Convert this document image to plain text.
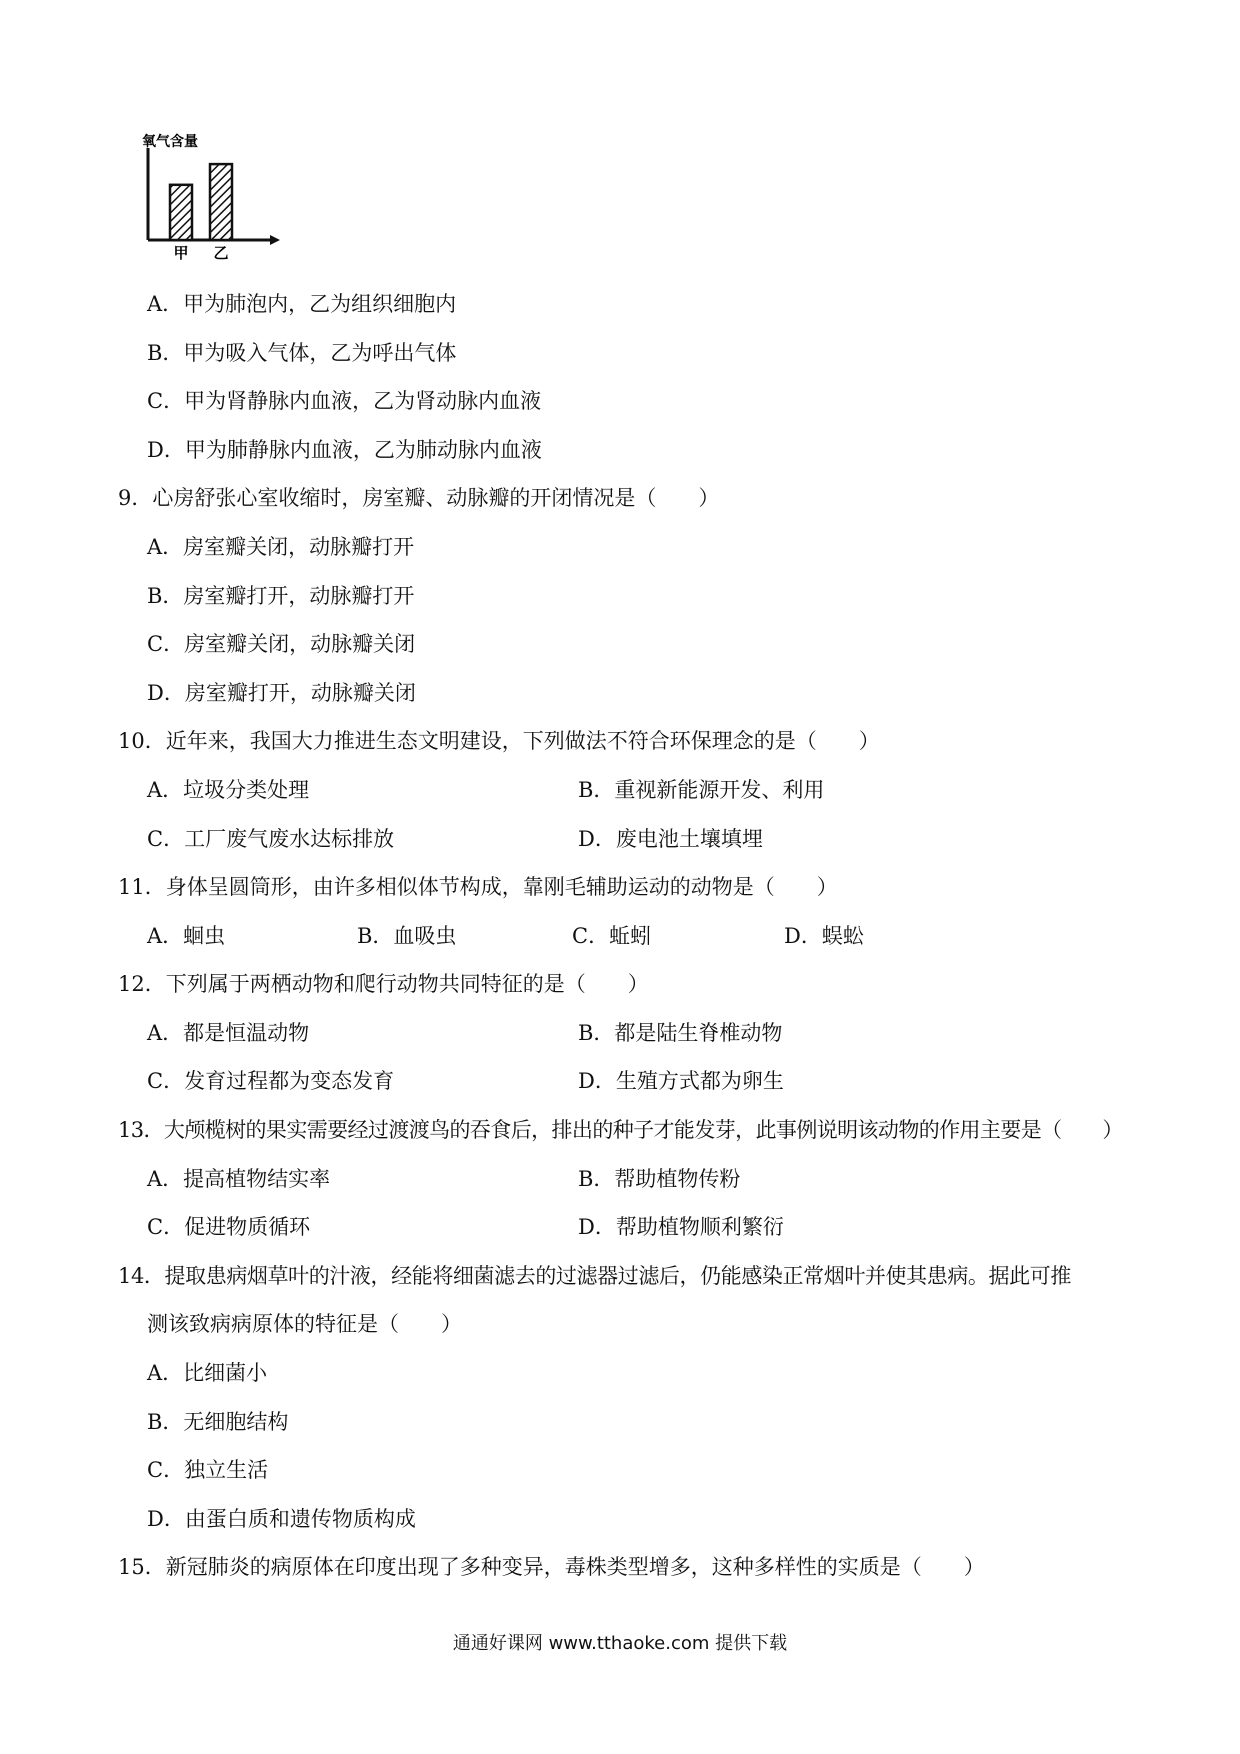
氧气含量
甲 乙
A．甲为肺泡内，乙为组织细胞内
B．甲为吸入气体，乙为呼出气体
C．甲为肾静脉内血液，乙为肾动脉内血液
D．甲为肺静脉内血液，乙为肺动脉内血液
9．心房舒张心室收缩时，房室瓣、动脉瓣的开闭情况是（　　）
A．房室瓣关闭，动脉瓣打开
B．房室瓣打开，动脉瓣打开
C．房室瓣关闭，动脉瓣关闭
D．房室瓣打开，动脉瓣关闭
10．近年来，我国大力推进生态文明建设，下列做法不符合环保理念的是（　　）
A．垃圾分类处理	B．重视新能源开发、利用
C．工厂废气废水达标排放	D．废电池土壤填埋
11．身体呈圆筒形，由许多相似体节构成，靠刚毛辅助运动的动物是（　　）
A．蛔虫	B．血吸虫	C．蚯蚓	D．蜈蚣
12．下列属于两栖动物和爬行动物共同特征的是（　　）
A．都是恒温动物	B．都是陆生脊椎动物
C．发育过程都为变态发育	D．生殖方式都为卵生
13．大颅榄树的果实需要经过渡渡鸟的吞食后，排出的种子才能发芽，此事例说明该动物的作用主要是（　　）
A．提高植物结实率	B．帮助植物传粉
C．促进物质循环	D．帮助植物顺利繁衍
14．提取患病烟草叶的汁液，经能将细菌滤去的过滤器过滤后，仍能感染正常烟叶并使其患病。据此可推
测该致病病原体的特征是（　　）
A．比细菌小
B．无细胞结构
C．独立生活
D．由蛋白质和遗传物质构成
15．新冠肺炎的病原体在印度出现了多种变异，毒株类型增多，这种多样性的实质是（　　）
通通好课网 www.tthaoke.com 提供下载
